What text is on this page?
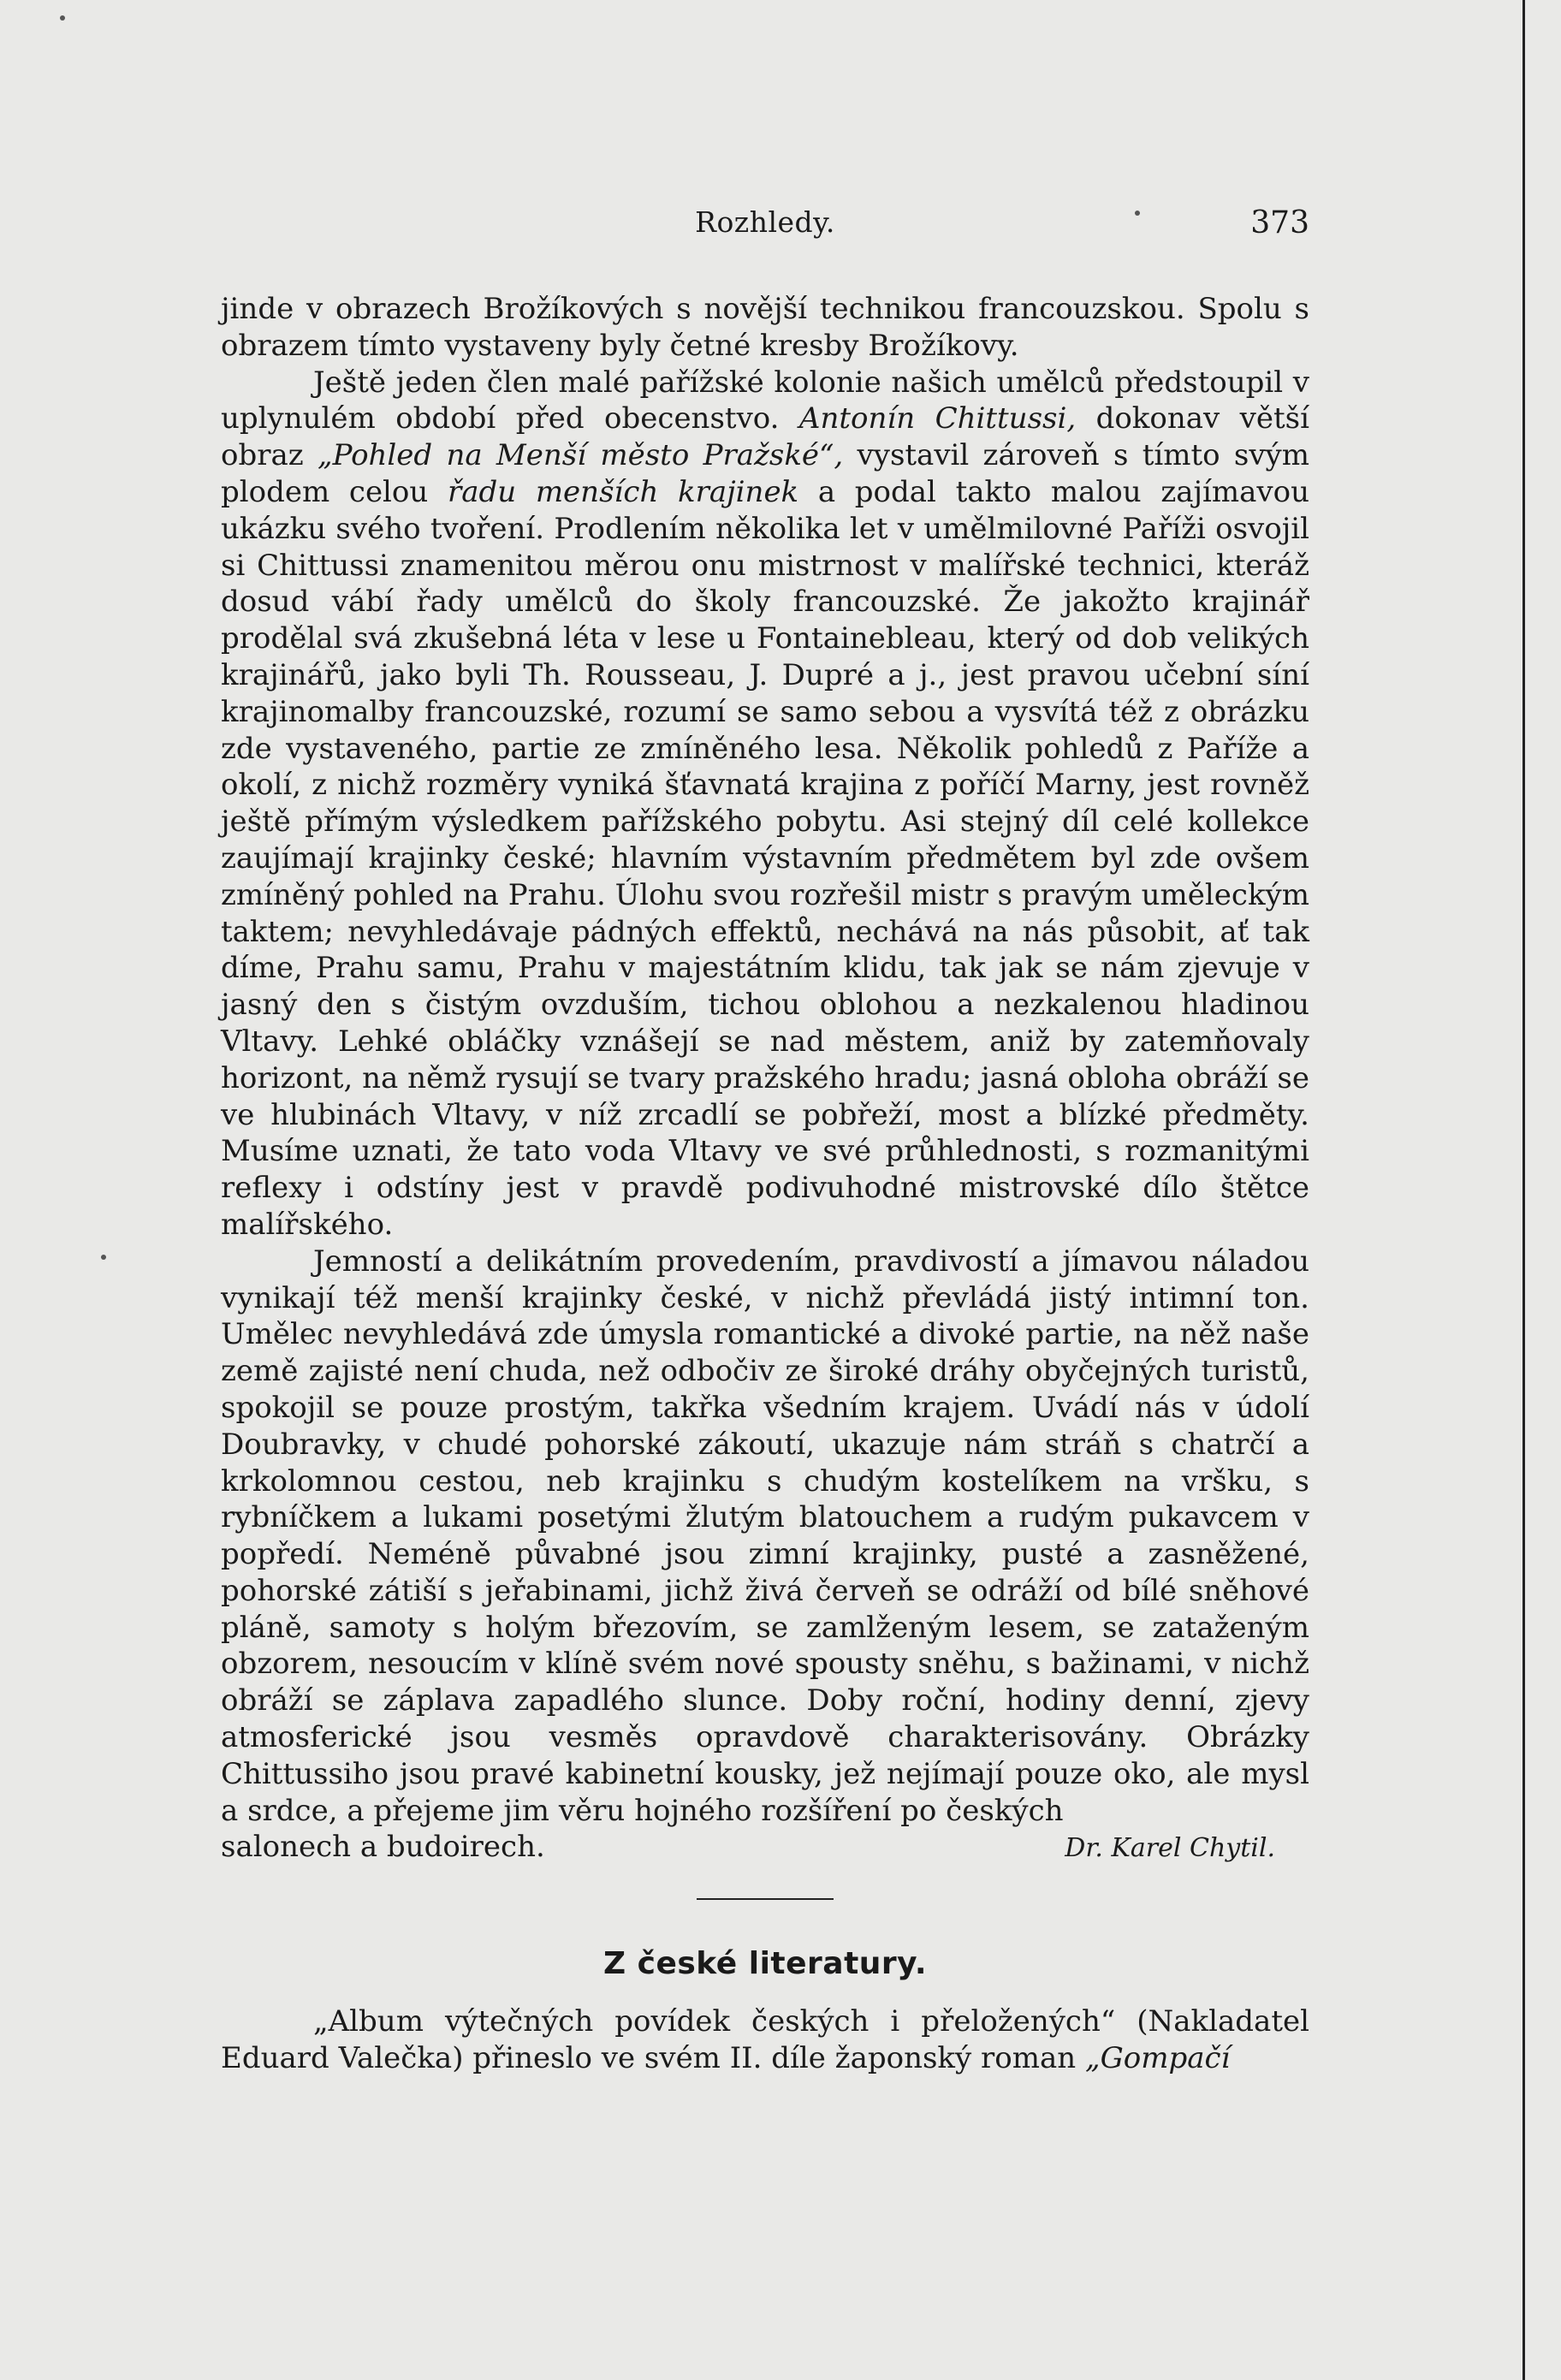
Rozhledy.	373

jinde v obrazech Brožíkových s novější technikou francouzskou. Spolu s obrazem tímto vystaveny byly četné kresby Brožíkovy.

Ještě jeden člen malé pařížské kolonie našich umělců předstoupil v uplynulém období před obecenstvo. Antonín Chittussi, dokonav větší obraz „Pohled na Menší město Pražské“, vystavil zároveň s tímto svým plodem celou řadu menších krajinek a podal takto malou zajímavou ukázku svého tvoření. Prodlením několika let v umělmilovné Paříži osvojil si Chittussi znamenitou měrou onu mistrnost v malířské technici, kteráž dosud vábí řady umělců do školy francouzské. Že jakožto krajinář prodělal svá zkušebná léta v lese u Fontainebleau, který od dob velikých krajinářů, jako byli Th. Rousseau, J. Dupré a j., jest pravou učební síní krajinomalby francouzské, rozumí se samo sebou a vysvítá též z obrázku zde vystaveného, partie ze zmíněného lesa. Několik pohledů z Paříže a okolí, z nichž rozměry vyniká šťavnatá krajina z poříčí Marny, jest rovněž ještě přímým výsledkem pařížského pobytu. Asi stejný díl celé kollekce zaujímají krajinky české; hlavním výstavním předmětem byl zde ovšem zmíněný pohled na Prahu. Úlohu svou rozřešil mistr s pravým uměleckým taktem; nevyhledávaje pádných effektů, nechává na nás působit, ať tak díme, Prahu samu, Prahu v majestátním klidu, tak jak se nám zjevuje v jasný den s čistým ovzduším, tichou oblohou a nezkalenou hladinou Vltavy. Lehké obláčky vznášejí se nad městem, aniž by zatemňovaly horizont, na němž rysují se tvary pražského hradu; jasná obloha obráží se ve hlubinách Vltavy, v níž zrcadlí se pobřeží, most a blízké předměty. Musíme uznati, že tato voda Vltavy ve své průhlednosti, s rozmanitými reflexy i odstíny jest v pravdě podivuhodné mistrovské dílo štětce malířského.

Jemností a delikátním provedením, pravdivostí a jímavou náladou vynikají též menší krajinky české, v nichž převládá jistý intimní ton. Umělec nevyhledává zde úmysla romantické a divoké partie, na něž naše země zajisté není chuda, než odbočiv ze široké dráhy obyčejných turistů, spokojil se pouze prostým, takřka všedním krajem. Uvádí nás v údolí Doubravky, v chudé pohorské zákoutí, ukazuje nám stráň s chatrčí a krkolomnou cestou, neb krajinku s chudým kostelíkem na vršku, s rybníčkem a lukami posetými žlutým blatouchem a rudým pukavcem v popředí. Neméně půvabné jsou zimní krajinky, pusté a zasněžené, pohorské zátiší s jeřabinami, jichž živá červeň se odráží od bílé sněhové pláně, samoty s holým březovím, se zamlženým lesem, se zataženým obzorem, nesoucím v klíně svém nové spousty sněhu, s bažinami, v nichž obráží se záplava zapadlého slunce. Doby roční, hodiny denní, zjevy atmosferické jsou vesměs opravdově charakterisovány. Obrázky Chittussiho jsou pravé kabinetní kousky, jež nejímají pouze oko, ale mysl a srdce, a přejeme jim věru hojného rozšíření po českých

salonech a budoirech.	Dr. Karel Chytil.
Z české literatury.

„Album výtečných povídek českých i přeložených“ (Nakladatel Eduard Valečka) přineslo ve svém II. díle žaponský roman „Gompačí
